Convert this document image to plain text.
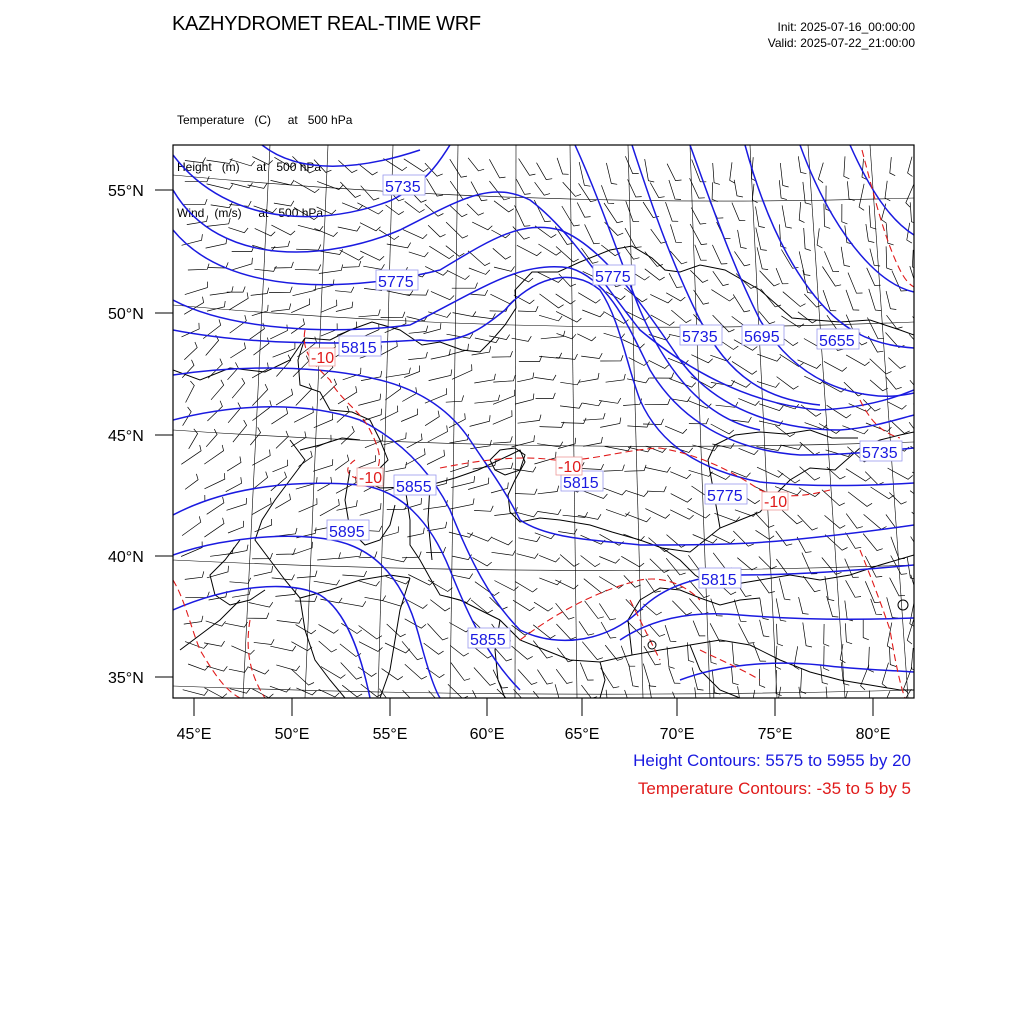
KAZHYDROMET REAL-TIME WRF	Init: 2025-07-16_00:00:00
Valid: 2025-07-22_21:00:00

Temperature   (C)     at   500 hPa

Height   (m)     at   500 hPa

Wind   (m/s)     at   500 hPa

55°N
50°N
45°N
40°N
35°N
45°E	50°E	55°E	60°E	65°E	70°E	75°E	80°E
5735
5775
5815
5775
5735 5695 5655
5735
5855	5815
5775
5895
5815
5855
-10
-10
-10
-10
Height Contours: 5575 to 5955 by 20
Temperature Contours: -35 to 5 by 5
